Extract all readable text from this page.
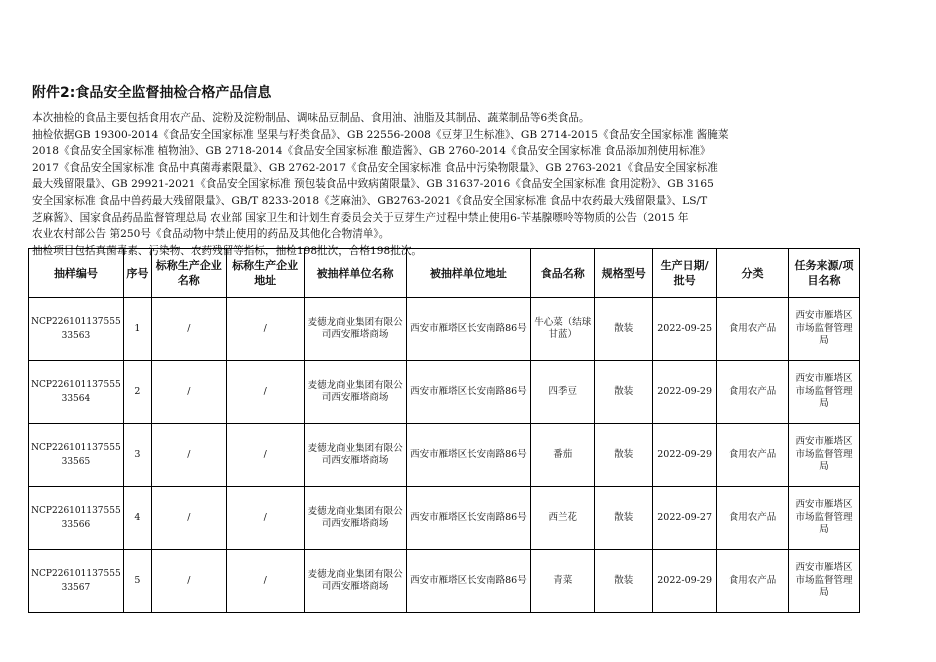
附件2:食品安全监督抽检合格产品信息
本次抽检的食品主要包括食用农产品、淀粉及淀粉制品、调味品豆制品、食用油、油脂及其制品、蔬菜制品等6类食品。
抽检依据GB 19300-2014《食品安全国家标准 坚果与籽类食品》、GB 22556-2008《豆芽卫生标准》、GB 2714-2015《食品安全国家标准 酱腌菜
2018《食品安全国家标准 植物油》、GB 2718-2014《食品安全国家标准 酿造酱》、GB 2760-2014《食品安全国家标准 食品添加剂使用标准》
2017《食品安全国家标准 食品中真菌毒素限量》、GB 2762-2017《食品安全国家标准 食品中污染物限量》、GB 2763-2021《食品安全国家标准
最大残留限量》、GB 29921-2021《食品安全国家标准 预包装食品中致病菌限量》、GB 31637-2016《食品安全国家标准 食用淀粉》、GB 3165
安全国家标准 食品中兽药最大残留限量》、GB/T 8233-2018《芝麻油》、GB2763-2021《食品安全国家标准 食品中农药最大残留限量》、LS/T
芝麻酱》、国家食品药品监督管理总局 农业部 国家卫生和计划生育委员会关于豆芽生产过程中禁止使用6-苄基腺嘌呤等物质的公告（2015 年
农业农村部公告 第250号《食品动物中禁止使用的药品及其他化合物清单》。
抽检项目包括真菌毒素、污染物、农药残留等指标，抽检198批次，合格198批次。
抽样编号	序号	标称生产企业名称	标称生产企业地址	被抽样单位名称	被抽样单位地址	食品名称	规格型号	生产日期/批号	分类	任务来源/项目名称
NCP22610113755533563	1	/	/	麦德龙商业集团有限公司西安雁塔商场	西安市雁塔区长安南路86号	牛心菜（结球甘蓝）	散装	2022-09-25	食用农产品	西安市雁塔区市场监督管理局
NCP22610113755533564	2	/	/	麦德龙商业集团有限公司西安雁塔商场	西安市雁塔区长安南路86号	四季豆	散装	2022-09-29	食用农产品	西安市雁塔区市场监督管理局
NCP22610113755533565	3	/	/	麦德龙商业集团有限公司西安雁塔商场	西安市雁塔区长安南路86号	番茄	散装	2022-09-29	食用农产品	西安市雁塔区市场监督管理局
NCP22610113755533566	4	/	/	麦德龙商业集团有限公司西安雁塔商场	西安市雁塔区长安南路86号	西兰花	散装	2022-09-27	食用农产品	西安市雁塔区市场监督管理局
NCP22610113755533567	5	/	/	麦德龙商业集团有限公司西安雁塔商场	西安市雁塔区长安南路86号	青菜	散装	2022-09-29	食用农产品	西安市雁塔区市场监督管理局
